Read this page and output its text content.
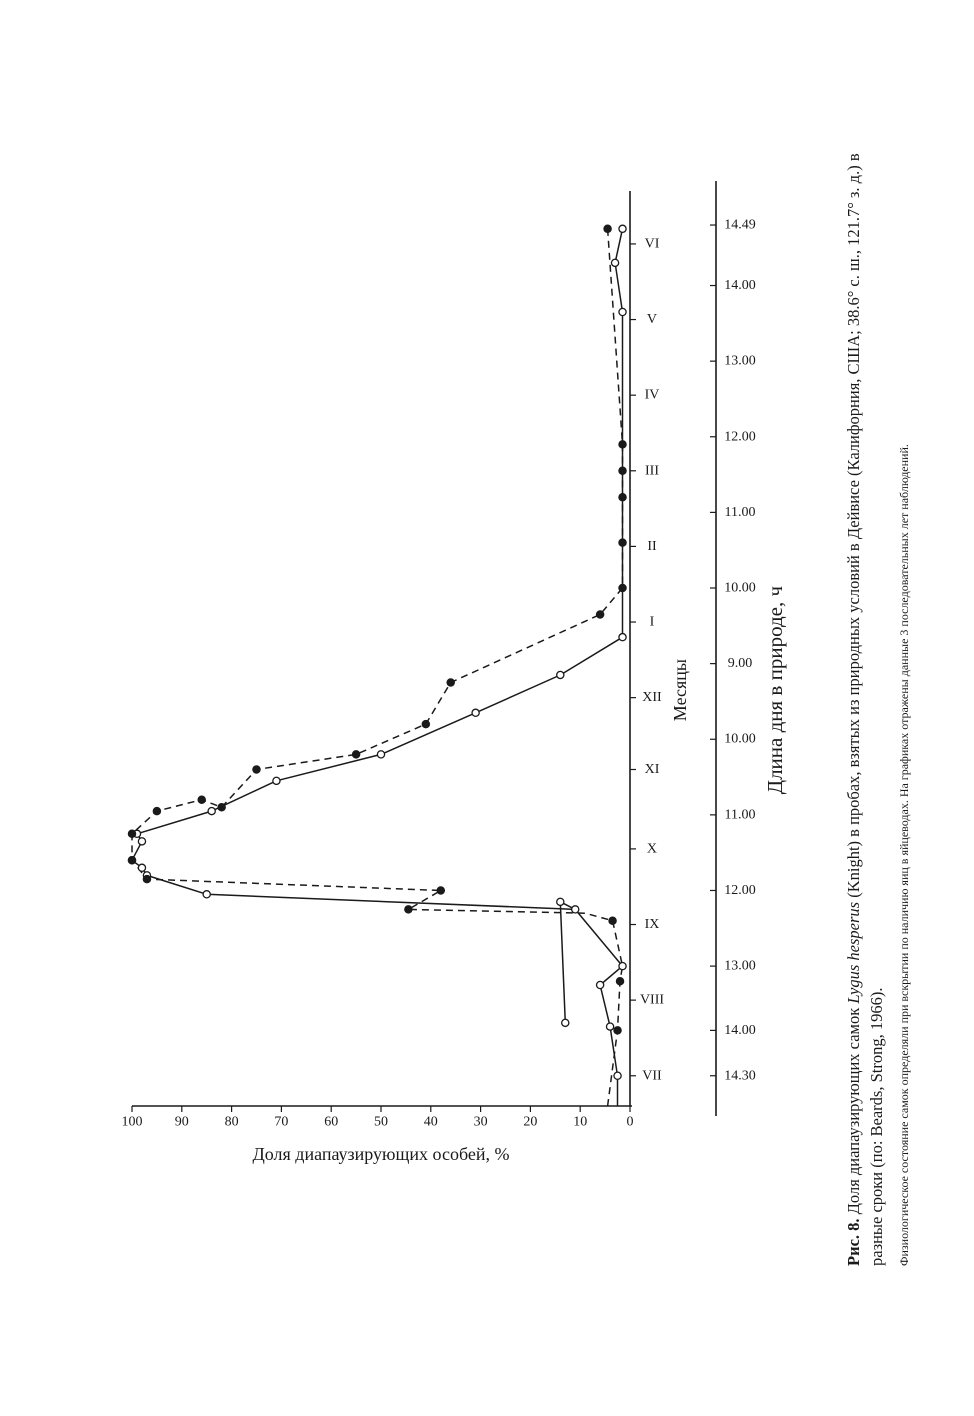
0
10
20
30
40
50
60
70
80
90
100
VII
VIII
IX
X
XI
XII
I
II
III
IV
V
VI
14.30
14.00
13.00
12.00
11.00
10.00
9.00
10.00
11.00
12.00
13.00
14.00
14.49
Доля диапаузирующих особей, %
Месяцы	Длина дня в природе, ч
Рис. 8. Доля диапаузирующих самок Lygus hesperus (Knight) в пробах, взятых из природных условий в Дейвисе (Калифорния, США; 38.6° с. ш., 121.7° з. д.) в разные сроки (по: Beards, Strong, 1966). Физиологическое состояние самок определяли при вскрытии по наличию яиц в яйцеводах. На графиках отражены данные 3 последовательных лет наблюдений.
